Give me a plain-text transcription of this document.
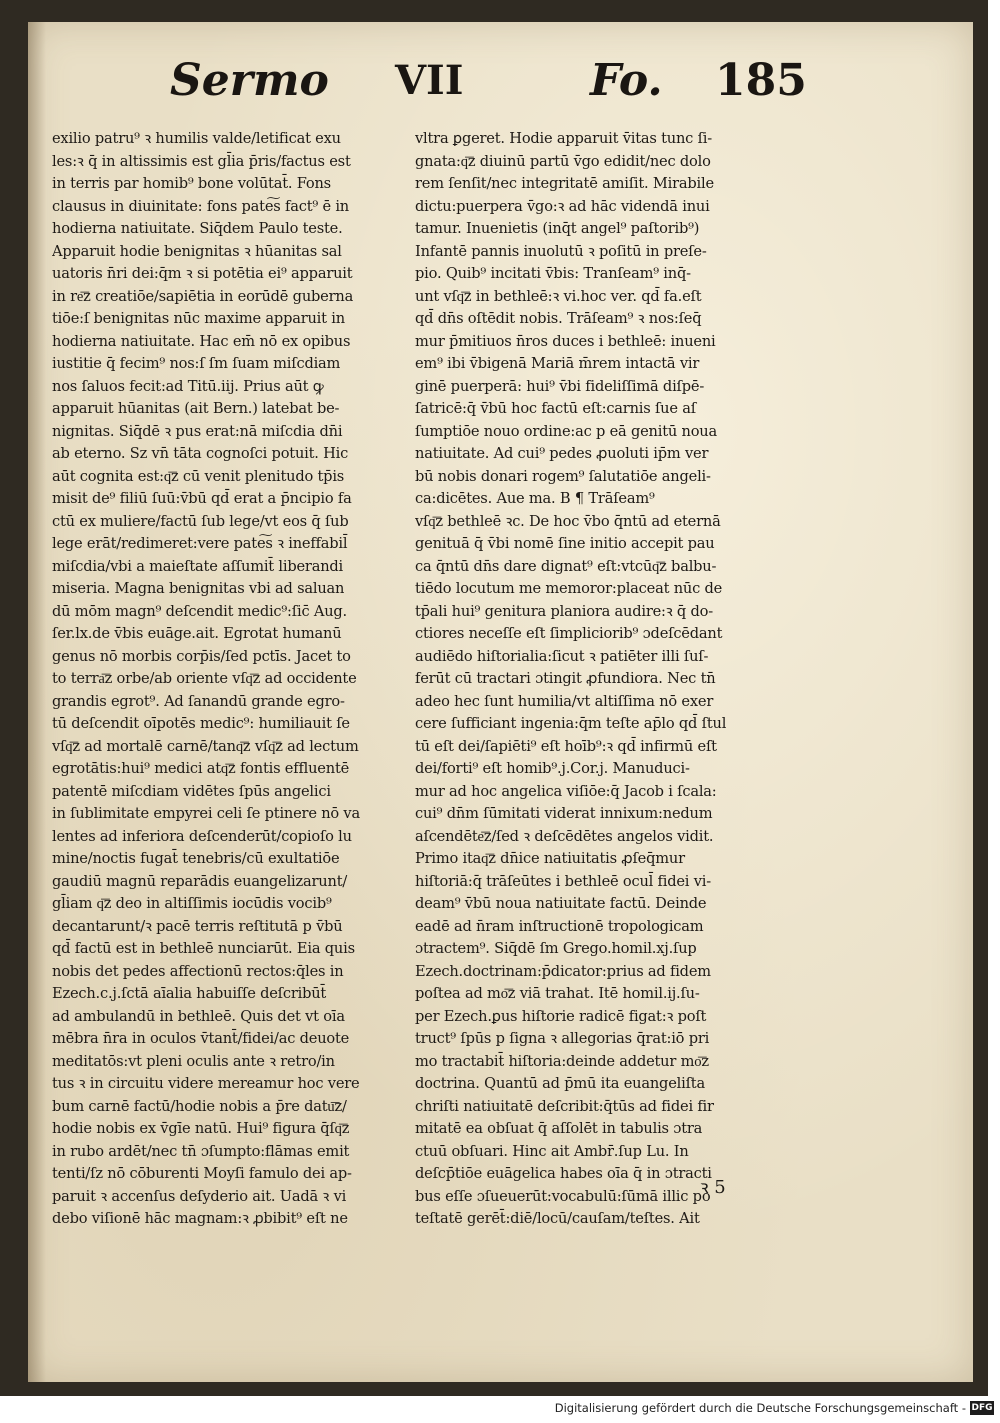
Sermo VII	Fo. 185
exilio patru⁹ ꝛ humilis valde/letificat exu
les:ꝛ q̄ in altissimis est gl̄ia p̄ris/factus est
in terris par homib⁹ bone volūtat̄. Fons
clausus in diuinitate: fons pate͠s fact⁹ ē in
hodierna natiuitate. Siq̄dem Paulo teste.
Apparuit hodie benignitas ꝛ hūanitas sal
uatoris n̄ri dei:q̄m ꝛ si potētia ei⁹ apparuit
in re͞z creatiōe/sapiētia in eorūdē guberna
tiōe:ſ benignitas nūc maxime apparuit in
hodierna natiuitate. Hac em̄ nō ex opibus
iustitie q̄ fecim⁹ nos:ſ ſm ſuam miſcdiam
nos ſaluos fecit:ad Titū.iij. Prius aūt ꝙ
apparuit hūanitas (ait Bern.) latebat be-
nignitas. Siq̄dē ꝛ pus erat:nā miſcdia dn̄i
ab eterno. Sz vn̄ tāta cognoſci potuit. Hic
aūt cognita est:q͞z cū venit plenitudo tp̄is
misit de⁹ filiū ſuū:v̄bū qd̄ erat a p̄ncipio fa
ctū ex muliere/factū ſub lege/vt eos q̄ ſub
lege erāt/redimeret:vere pate͠s ꝛ ineffabil̄
miſcdia/vbi a maieſtate aſſumit̄ liberandi
miseria. Magna benignitas vbi ad saluan
dū mōm magn⁹ deſcendit medic⁹:ſic̄ Aug.
ſer.lx.de v̄bis euāge.ait. Egrotat humanū
genus nō morbis corp̄is/ſed pctīs. Jacet to
to terra͞z orbe/ab oriente vſq͞z ad occidente
grandis egrot⁹. Ad ſanandū grande egro-
tū deſcendit oīpotēs medic⁹: humiliauit ſe
vſq͞z ad mortalē carnē/tanq͞z vſq͞z ad lectum
egrotātis:hui⁹ medici atq͞z fontis effluentē
patentē miſcdiam vidētes ſpūs angelici
in ſublimitate empyrei celi ſe ptinere nō va
lentes ad inferiora deſcenderūt/copioſo lu
mine/noctis fugat̄ tenebris/cū exultatiōe
gaudiū magnū reparādis euangelizarunt/
gl̄iam q͞z deo in altiſſimis iocūdis vocib⁹
decantarunt/ꝛ pacē terris reſtitutā p v̄bū
qd̄ factū est in bethleē nunciarūt. Eia quis
nobis det pedes affectionū rectos:q̄les in
Ezech.c.j.ſctā aīalia habuiſſe deſcribūt̄
ad ambulandū in bethleē. Quis det vt oīa
mēbra n̄ra in oculos v̄tant̄/fidei/ac deuote
meditatōs:vt pleni oculis ante ꝛ retro/in
tus ꝛ in circuitu videre mereamur hoc vere
bum carnē factū/hodie nobis a p̄re datu͞z/
hodie nobis ex v̄gīe natū. Hui⁹ figura q̄ſq͞z
in rubo ardēt/nec tn̄ ɔſumpto:flāmas emit
tenti/ſz nō cōburenti Moyſi famulo dei ap-
paruit ꝛ accenſus deſyderio ait. Uadā ꝛ vi
debo viſionē hāc magnam:ꝛ ꝓbibit⁹ eſt ne
vltra ꝑgeret. Hodie apparuit v̄itas tunc ſi-
gnata:q͞z diuinū partū v̄go edidit/nec dolo
rem ſenſit/nec integritatē amiſit. Mirabile
dictu:puerpera v̄go:ꝛ ad hāc videndā inui
tamur. Inuenietis (inq̄t angel⁹ paſtorib⁹)
Infantē pannis inuolutū ꝛ poſitū in preſe-
pio. Quib⁹ incitati v̄bis: Tranſeam⁹ inq̄-
unt vſq͞z in bethleē:ꝛ vi.hoc ver. qd̄ fa.eſt
qd̄ dn̄s oſtēdit nobis. Trāſeam⁹ ꝛ nos:ſeq̄
mur p̄mitiuos n̄ros duces i bethleē: inueni
em⁹ ibi v̄bigenā Mariā m̄rem intactā vir
ginē puerperā: hui⁹ v̄bi fideliſſimā diſpē-
ſatricē:q̄ v̄bū hoc factū eſt:carnis ſue aſ
ſumptiōe nouo ordine:ac p eā genitū noua
natiuitate. Ad cui⁹ pedes ꝓuoluti ip̄m ver
bū nobis donari rogem⁹ ſalutatiōe angeli-
ca:dicētes. Aue ma. B ¶ Trāſeam⁹
vſq͞z bethleē ꝛc. De hoc v̄bo q̄ntū ad eternā
genituā q̄ v̄bi nomē ſine initio accepit pau
ca q̄ntū dn̄s dare dignat⁹ eſt:vtcūq͞z balbu-
tiēdo locutum me memoror:placeat nūc de
tp̄ali hui⁹ genitura planiora audire:ꝛ q̄ do-
ctiores neceſſe eſt ſimpliciorib⁹ ɔdeſcēdant
audiēdo hiſtorialia:ſicut ꝛ patiēter illi ſuſ-
ferūt cū tractari ɔtingit ꝓfundiora. Nec tn̄
adeo hec ſunt humilia/vt altiſſima nō exer
cere ſufficiant ingenia:q̄m teſte ap̄lo qd̄ ſtul
tū eſt dei/ſapiēti⁹ eſt hoīb⁹:ꝛ qd̄ infirmū eſt
dei/forti⁹ eſt homib⁹.j.Cor.j. Manuduci-
mur ad hoc angelica viſiōe:q̄ Jacob i ſcala:
cui⁹ dn̄m ſūmitati viderat innixum:nedum
aſcendēte͞z/ſed ꝛ deſcēdētes angelos vidit.
Primo itaq͞z dn̄ice natiuitatis ꝓſeq̄mur
hiſtoriā:q̄ trāſeūtes i bethleē ocul̄ fidei vi-
deam⁹ v̄bū noua natiuitate factū. Deinde
eadē ad n̄ram inſtructionē tropologicam
ɔtractem⁹. Siq̄dē ſm Grego.homil.xj.ſup
Ezech.doctrinam:p̄dicator:prius ad fidem
poſtea ad mo͞z viā trahat. Itē homil.ij.ſu-
per Ezech.ꝑus hiſtorie radicē figat:ꝛ poſt
truct⁹ ſpūs p ſigna ꝛ allegorias q̄rat:iō pri
mo tractabit̄ hiſtoria:deinde addetur mo͞z
doctrina. Quantū ad p̄mū ita euangeliſta
chriſti natiuitatē deſcribit:q̄tūs ad fidei fir
mitatē ea obſuat q̄ aſſolēt in tabulis ɔtra
ctuū obſuari. Hinc ait Ambr̄.ſup Lu. In
deſcp̄tiōe euāgelica habes oīa q̄ in ɔtracti
bus eſſe ɔſueuerūt:vocabulū:ſūmā illic po
teſtatē gerēt̄:diē/locū/cauſam/teſtes. Ait
ꝛ 5
Digitalisierung gefördert durch die Deutsche Forschungsgemeinschaft - DFG
